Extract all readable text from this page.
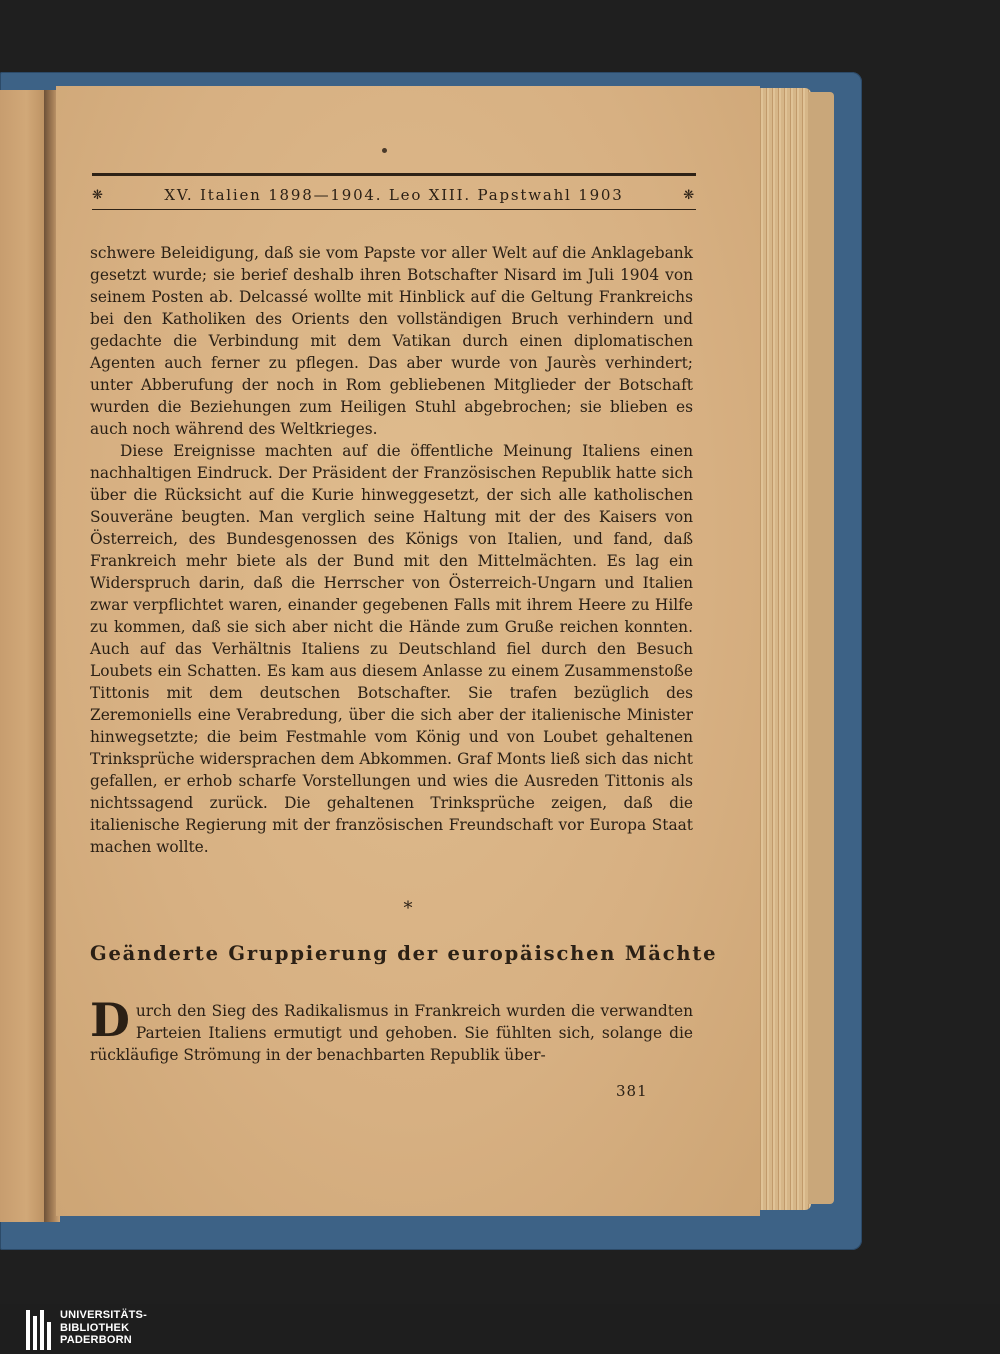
❋	XV. Italien 1898—1904. Leo XIII. Papstwahl 1903	❋

schwere Beleidigung, daß sie vom Papste vor aller Welt auf die Anklagebank gesetzt wurde; sie berief deshalb ihren Botschafter Nisard im Juli 1904 von seinem Posten ab. Delcassé wollte mit Hinblick auf die Geltung Frankreichs bei den Katholiken des Orients den vollständigen Bruch verhindern und gedachte die Verbindung mit dem Vatikan durch einen diplomatischen Agenten auch ferner zu pflegen. Das aber wurde von Jaurès verhindert; unter Abberufung der noch in Rom gebliebenen Mitglieder der Botschaft wurden die Beziehungen zum Heiligen Stuhl abgebrochen; sie blieben es auch noch während des Weltkrieges.

Diese Ereignisse machten auf die öffentliche Meinung Italiens einen nachhaltigen Eindruck. Der Präsident der Französischen Republik hatte sich über die Rücksicht auf die Kurie hinweggesetzt, der sich alle katholischen Souveräne beugten. Man verglich seine Haltung mit der des Kaisers von Österreich, des Bundesgenossen des Königs von Italien, und fand, daß Frankreich mehr biete als der Bund mit den Mittelmächten. Es lag ein Widerspruch darin, daß die Herrscher von Österreich-Ungarn und Italien zwar verpflichtet waren, einander gegebenen Falls mit ihrem Heere zu Hilfe zu kommen, daß sie sich aber nicht die Hände zum Gruße reichen konnten. Auch auf das Verhältnis Italiens zu Deutschland fiel durch den Besuch Loubets ein Schatten. Es kam aus diesem Anlasse zu einem Zusammenstoße Tittonis mit dem deutschen Botschafter. Sie trafen bezüglich des Zeremoniells eine Verabredung, über die sich aber der italienische Minister hinwegsetzte; die beim Festmahle vom König und von Loubet gehaltenen Trinksprüche widersprachen dem Abkommen. Graf Monts ließ sich das nicht gefallen, er erhob scharfe Vorstellungen und wies die Ausreden Tittonis als nichtssagend zurück. Die gehaltenen Trinksprüche zeigen, daß die italienische Regierung mit der französischen Freundschaft vor Europa Staat machen wollte.

*
Geänderte Gruppierung der europäischen Mächte

Durch den Sieg des Radikalismus in Frankreich wurden die verwandten Parteien Italiens ermutigt und gehoben. Sie fühlten sich, solange die rückläufige Strömung in der benachbarten Republik über-

381
UNIVERSITÄTS-
BIBLIOTHEK
PADERBORN
